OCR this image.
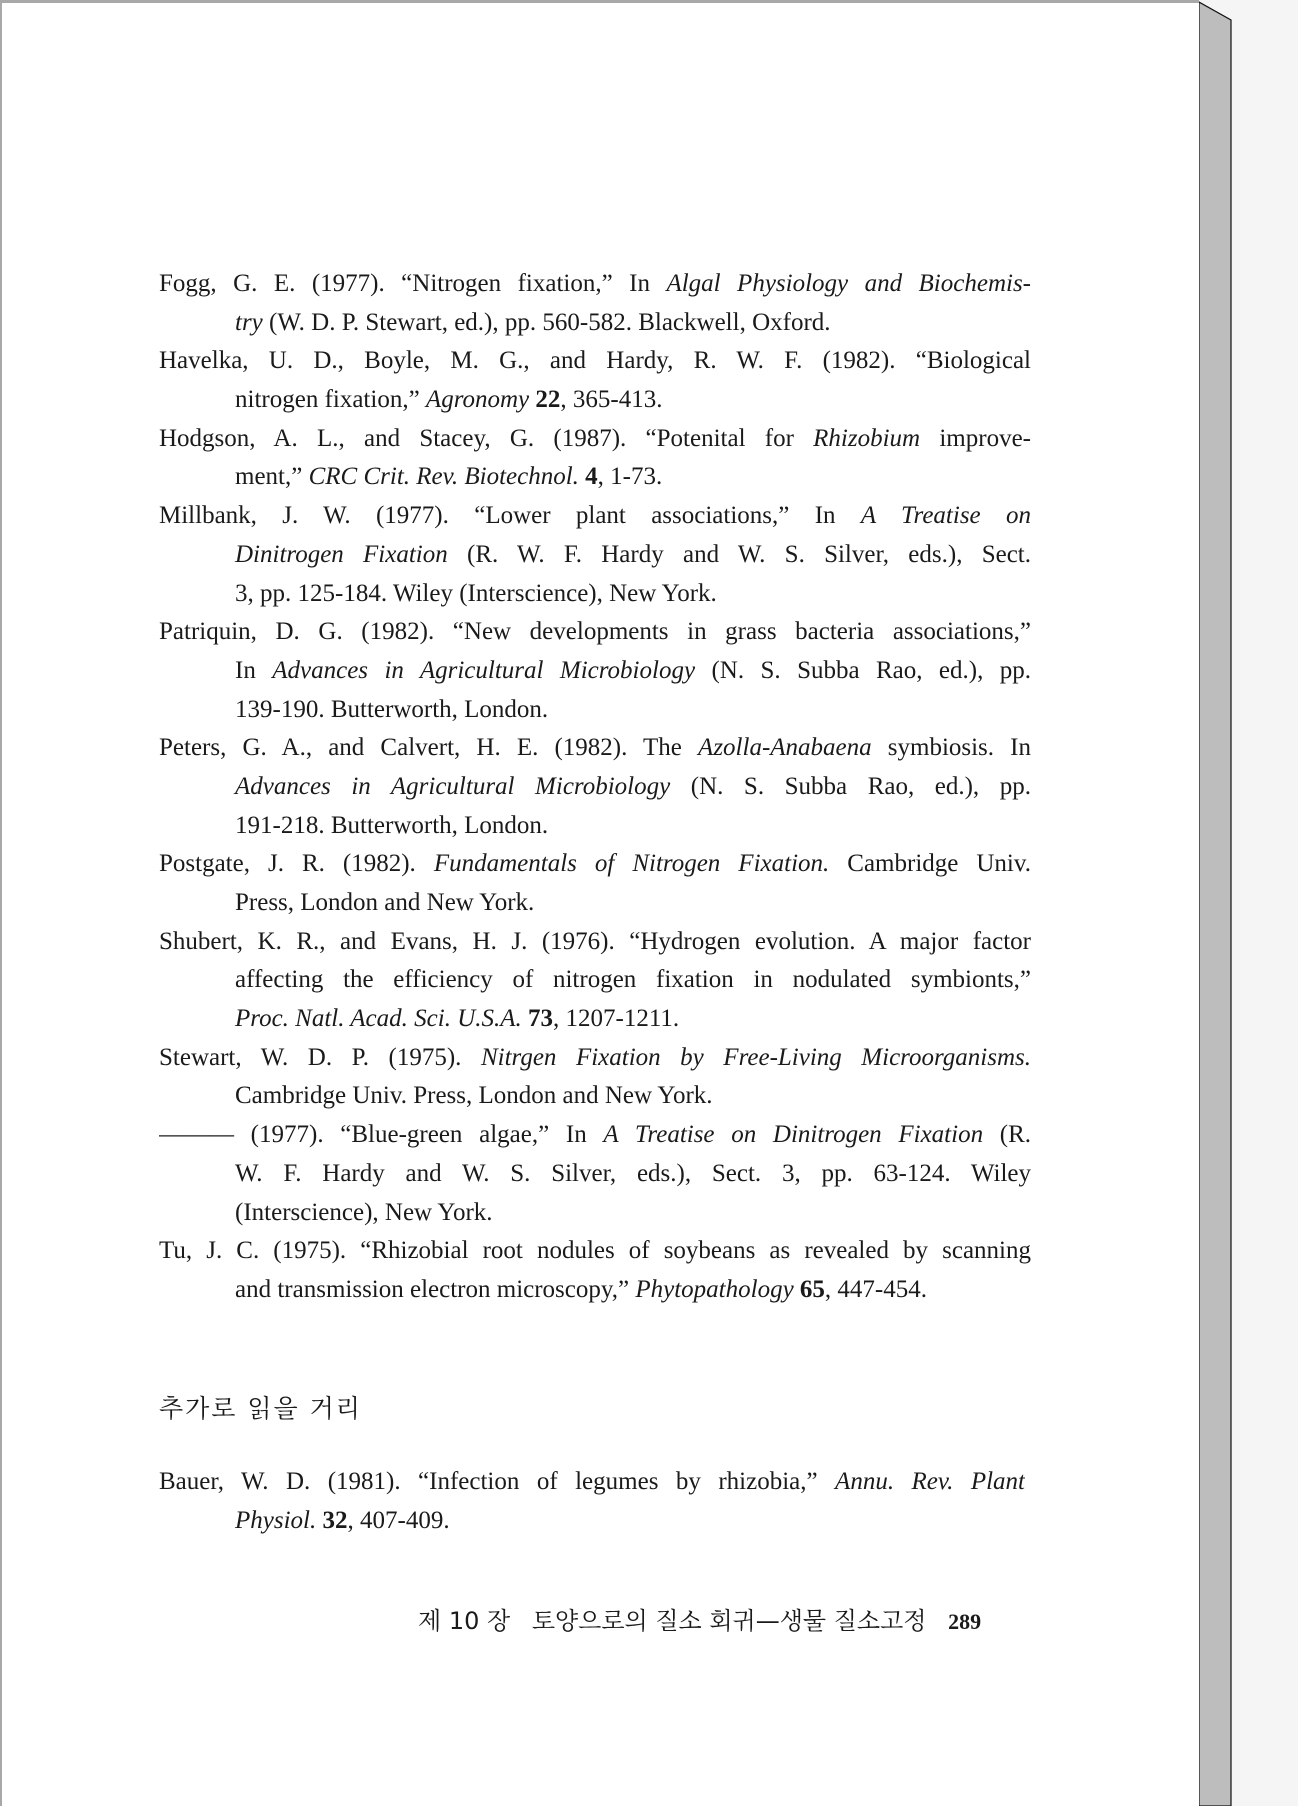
Fogg, G. E. (1977). “Nitrogen fixation,” In Algal Physiology and Biochemis-
try (W. D. P. Stewart, ed.), pp. 560-582. Blackwell, Oxford.
Havelka, U. D., Boyle, M. G., and Hardy, R. W. F. (1982). “Biological
nitrogen fixation,” Agronomy 22, 365-413.
Hodgson, A. L., and Stacey, G. (1987). “Potenital for Rhizobium improve-
ment,” CRC Crit. Rev. Biotechnol. 4, 1-73.
Millbank, J. W. (1977). “Lower plant associations,” In A Treatise on
Dinitrogen Fixation (R. W. F. Hardy and W. S. Silver, eds.), Sect.
3, pp. 125-184. Wiley (Interscience), New York.
Patriquin, D. G. (1982). “New developments in grass bacteria associations,”
In Advances in Agricultural Microbiology (N. S. Subba Rao, ed.), pp.
139-190. Butterworth, London.
Peters, G. A., and Calvert, H. E. (1982). The Azolla-Anabaena symbiosis. In
Advances in Agricultural Microbiology (N. S. Subba Rao, ed.), pp.
191-218. Butterworth, London.
Postgate, J. R. (1982). Fundamentals of Nitrogen Fixation. Cambridge Univ.
Press, London and New York.
Shubert, K. R., and Evans, H. J. (1976). “Hydrogen evolution. A major factor
affecting the efficiency of nitrogen fixation in nodulated symbionts,”
Proc. Natl. Acad. Sci. U.S.A. 73, 1207-1211.
Stewart, W. D. P. (1975). Nitrgen Fixation by Free-Living Microorganisms.
Cambridge Univ. Press, London and New York.
——— (1977). “Blue-green algae,” In A Treatise on Dinitrogen Fixation (R.
W. F. Hardy and W. S. Silver, eds.), Sect. 3, pp. 63-124. Wiley
(Interscience), New York.
Tu, J. C. (1975). “Rhizobial root nodules of soybeans as revealed by scanning
and transmission electron microscopy,” Phytopathology 65, 447-454.
추가로 읽을 거리
Bauer, W. D. (1981). “Infection of legumes by rhizobia,” Annu. Rev. Plant
Physiol. 32, 407-409.
제 10 장 토양으로의 질소 회귀—생물 질소고정 289
